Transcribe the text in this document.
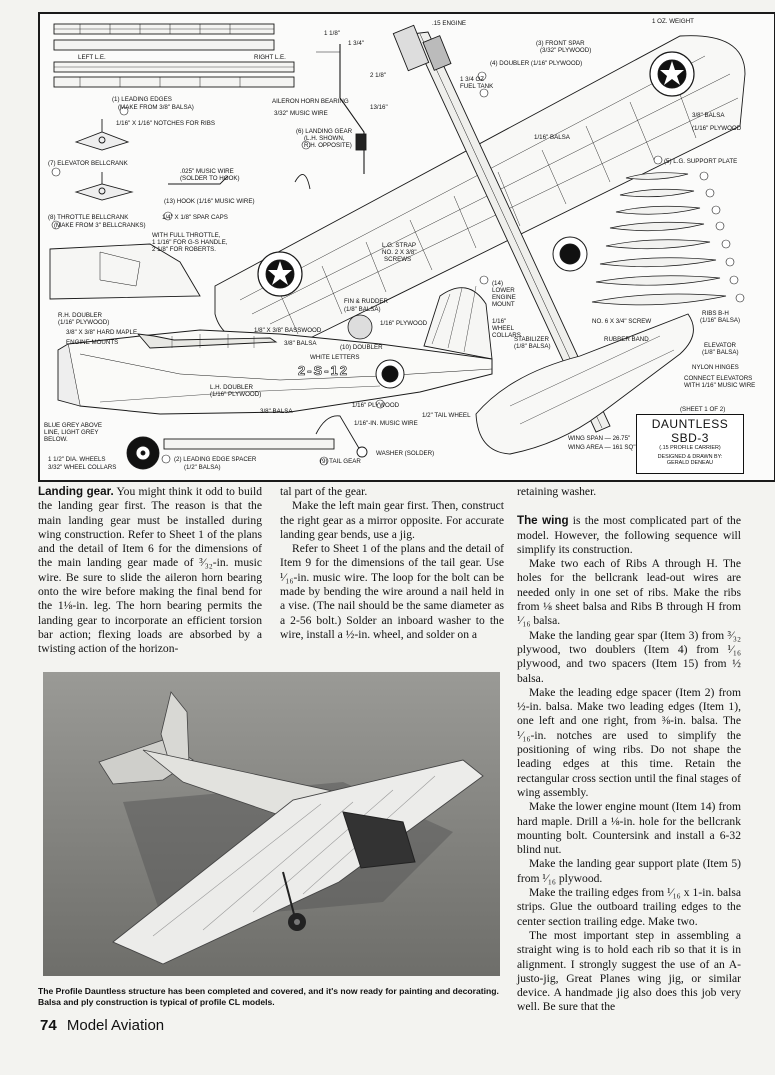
(1) LEADING EDGES
(MAKE FROM 3/8" BALSA)
LEFT L.E.	RIGHT L.E.
1/16" X 1/16" NOTCHES FOR RIBS
(7) ELEVATOR BELLCRANK
(8) THROTTLE BELLCRANK
(MAKE FROM 3" BELLCRANKS)
.025" MUSIC WIRE
(SOLDER TO HOOK)
(13) HOOK (1/16" MUSIC WIRE)
1/4" X 1/8" SPAR CAPS
WITH FULL THROTTLE,
1 1/16" FOR G-S HANDLE,
2 1/8" FOR ROBERTS.
AILERON HORN BEARING
3/32" MUSIC WIRE
(6) LANDING GEAR
(L.H. SHOWN,
R.H. OPPOSITE)
1 1/8"
1 3/4"
2 1/8"
13/16"
.15 ENGINE
1 3/4 OZ FUEL TANK
(3) FRONT SPAR
(3/32" PLYWOOD)
(4) DOUBLER (1/16" PLYWOOD)
1 OZ. WEIGHT
1/16" BALSA
3/8" BALSA
(1/16" PLYWOOD
(5) L.G. SUPPORT PLATE
L.G. STRAP
NO. 2 X 3/8"
SCREWS
(14) LOWER ENGINE MOUNT
R.H. DOUBLER
(1/16" PLYWOOD)
3/8" X 3/8" HARD MAPLE
ENGINE MOUNTS
1/8" X 3/8" BASSWOOD
3/8" BALSA
WHITE LETTERS
FIN & RUDDER
(1/8" BALSA)
1/16" PLYWOOD
(10) DOUBLER
1/16" WHEEL COLLARS
STABILIZER
(1/8" BALSA)
NO. 6 X 3/4" SCREW
RUBBER BAND
RIBS B-H
(1/16" BALSA)
ELEVATOR
(1/8" BALSA)
NYLON HINGES
CONNECT ELEVATORS
WITH 1/16" MUSIC WIRE
L.H. DOUBLER
(1/16" PLYWOOD)
3/8" BALSA
1/16" PLYWOOD
1/16"-IN. MUSIC WIRE
1/2" TAIL WHEEL
BLUE GREY ABOVE
LINE, LIGHT GREY
BELOW.
1 1/2" DIA. WHEELS
3/32" WHEEL COLLARS
(2) LEADING EDGE SPACER
(1/2" BALSA)
(9) TAIL GEAR
WASHER (SOLDER)
WING SPAN — 26.75"
WING AREA — 161 SQ"
(SHEET 1 OF 2)
2-S-12
DAUNTLESS
SBD-3
(.15 PROFILE CARRIER)
DESIGNED & DRAWN BY:
GERALD DENEAU

Landing gear. You might think it odd to build the landing gear first. The reason is that the main landing gear must be installed during wing construction. Refer to Sheet 1 of the plans and the detail of Item 6 for the dimensions of the main landing gear made of ³⁄₃₂-in. music wire. Be sure to slide the aileron horn bearing onto the wire before making the final bend for the 1⅛-in. leg. The horn bearing permits the landing gear to incorporate an efficient torsion bar action; flexing loads are absorbed by a twisting action of the horizon-

tal part of the gear.

Make the left main gear first. Then, construct the right gear as a mirror opposite. For accurate landing gear bends, use a jig.

Refer to Sheet 1 of the plans and the detail of Item 9 for the dimensions of the tail gear. Use ¹⁄₁₆-in. music wire. The loop for the bolt can be made by bending the wire around a nail held in a vise. (The nail should be the same diameter as a 2-56 bolt.) Solder an inboard washer to the wire, install a ½-in. wheel, and solder on a

retaining washer.

The wing is the most complicated part of the model. However, the following sequence will simplify its construction.

Make two each of Ribs A through H. The holes for the bellcrank lead-out wires are needed only in one set of ribs. Make the ribs from ⅛ sheet balsa and Ribs B through H from ¹⁄₁₆ balsa.

Make the landing gear spar (Item 3) from ³⁄₃₂ plywood, two doublers (Item 4) from ¹⁄₁₆ plywood, and two spacers (Item 15) from ½ balsa.

Make the leading edge spacer (Item 2) from ½-in. balsa. Make two leading edges (Item 1), one left and one right, from ⅜-in. balsa. The ¹⁄₁₆-in. notches are used to simplify the positioning of wing ribs. Do not shape the leading edges at this time. Retain the rectangular cross section until the final stages of wing assembly.

Make the lower engine mount (Item 14) from hard maple. Drill a ⅛-in. hole for the bellcrank mounting bolt. Countersink and install a 6-32 blind nut.

Make the landing gear support plate (Item 5) from ¹⁄₁₆ plywood.

Make the trailing edges from ¹⁄₁₆ x 1-in. balsa strips. Glue the outboard trailing edges to the center section trailing edge. Make two.

The most important step in assembling a straight wing is to hold each rib so that it is in alignment. I strongly suggest the use of an A-justo-jig, Great Planes wing jig, or similar device. A handmade jig also does this job very well. Be sure that the

The Profile Dauntless structure has been completed and covered, and it's now ready for painting and decorating. Balsa and ply construction is typical of profile CL models.
74 Model Aviation
